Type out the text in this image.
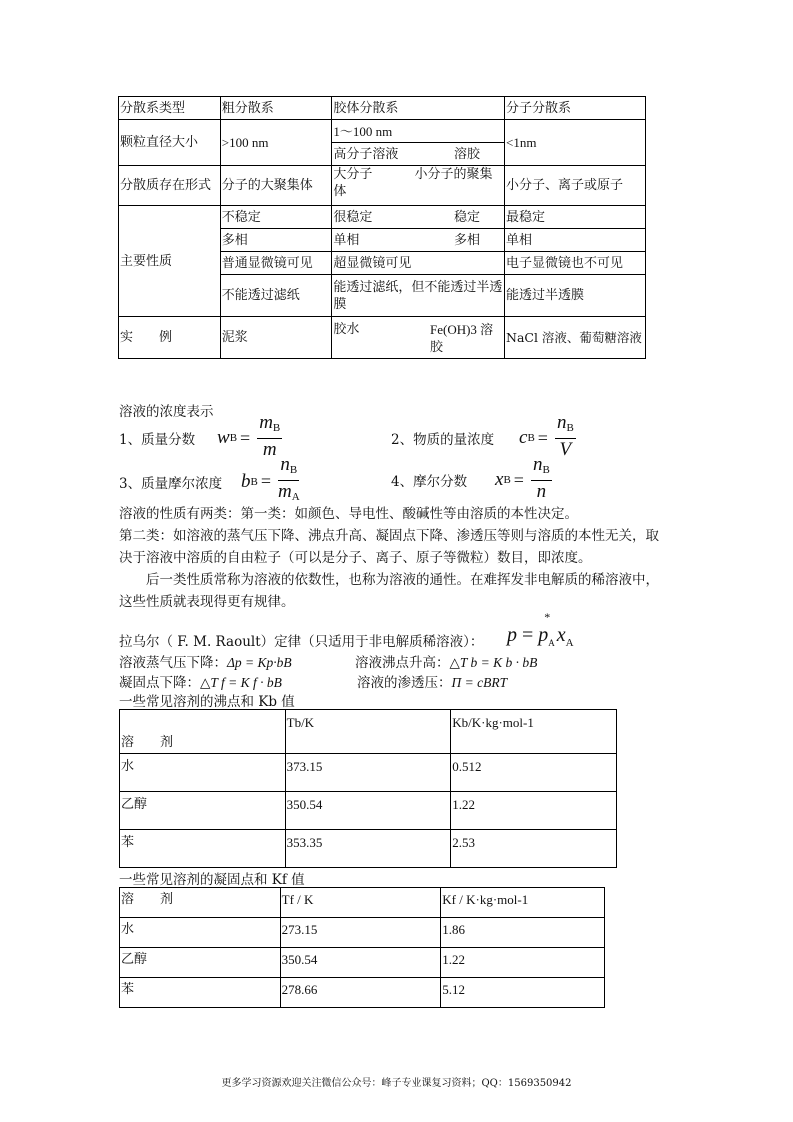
分散系类型	粗分散系	胶体分散系	分子分散系
颗粒直径大小	>100 nm	1～100 nm	<1nm

		高分子溶液 溶胶	

分散质存在形式	分子的大聚集体	大分子 小分子的聚集体	小分子、离子或原子
主要性质	不稳定	很稳定 稳定	最稳定
	多相	单相 多相	单相
	普通显微镜可见	超显微镜可见	电子显微镜也不可见
	不能透过滤纸	能透过滤纸，但不能透过半透膜	能透过半透膜
实　　例	泥浆	胶水 Fe(OH)3 溶胶	NaCl 溶液、葡萄糖溶液
溶液的浓度表示
1、质量分数	w $B = \frac{m_B}{m}$	2、物质的量浓度	c $B = \frac{n_B}{V}$
3、质量摩尔浓度 b $B = \frac{n_B}{m_A}$	4、摩尔分数	x $B = \frac{n_B}{n}$
溶液的性质有两类：第一类：如颜色、导电性、酸碱性等由溶质的本性决定。
第二类：如溶液的蒸气压下降、沸点升高、凝固点下降、渗透压等则与溶质的本性无关，取
决于溶液中溶质的自由粒子（可以是分子、离子、原子等微粒）数目，即浓度。
后一类性质常称为溶液的依数性，也称为溶液的通性。在难挥发非电解质的稀溶液中，
这些性质就表现得更有规律。
拉乌尔（ F. M. Raoult）定律（只适用于非电解质稀溶液）： p = p
*
$_A$ $x_A$
溶液蒸气压下降：Δp = Kp·bB	溶液沸点升高：△T b = K b · bB
凝固点下降：△T f = K f · bB	溶液的渗透压：Π = cBRT
一些常见溶剂的沸点和 Kb 值
溶　　剂	Tb/K	Kb/K·kg·mol-1
水	373.15	0.512
乙醇	350.54	1.22
苯	353.35	2.53
一些常见溶剂的凝固点和 Kf 值
溶　　剂	Tf / K	Kf / K·kg·mol-1
水	273.15	1.86
乙醇	350.54	1.22
苯	278.66	5.12
更多学习资源欢迎关注微信公众号：峰子专业课复习资料；QQ：1569350942
